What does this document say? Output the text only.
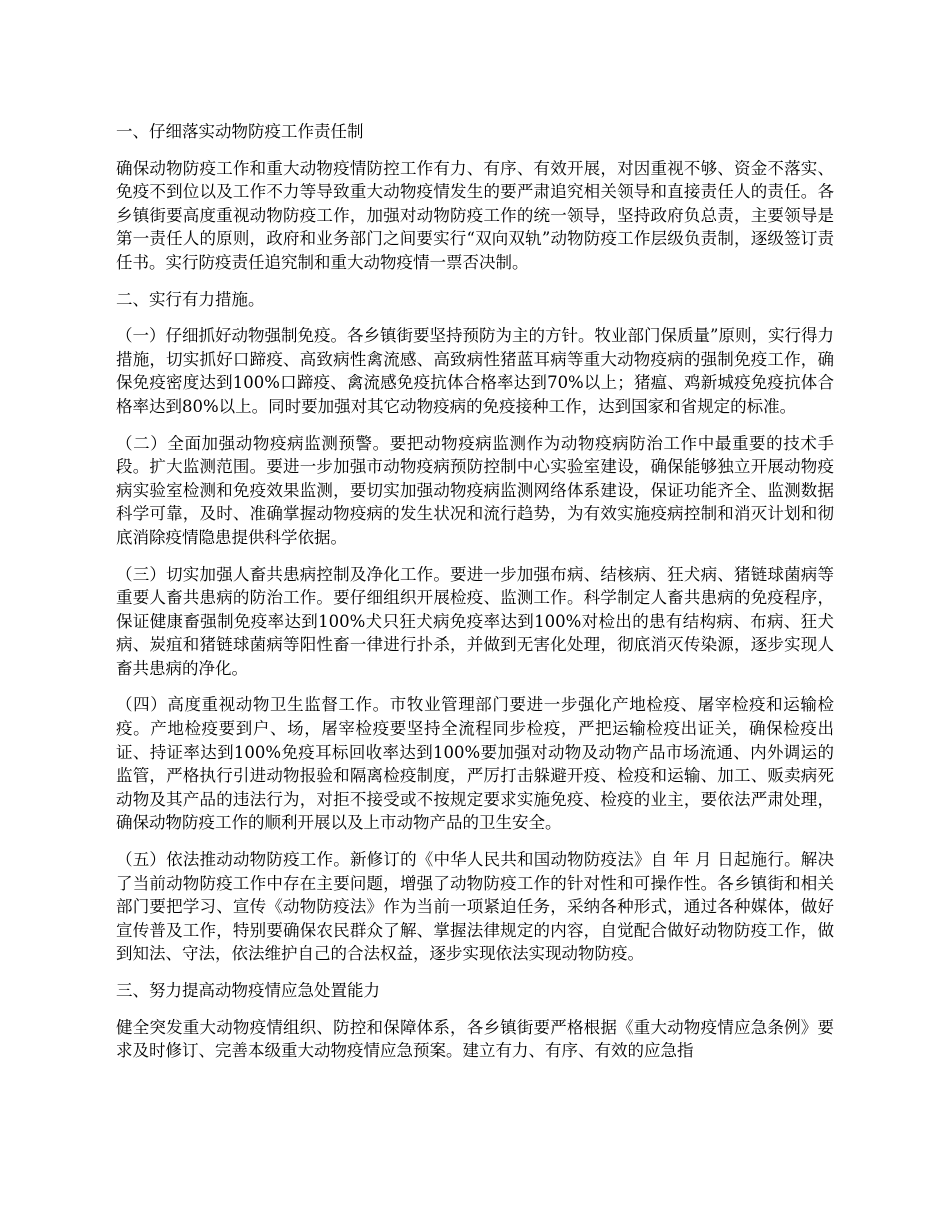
一、仔细落实动物防疫工作责任制

确保动物防疫工作和重大动物疫情防控工作有力、有序、有效开展，对因重视不够、资金不落实、免疫不到位以及工作不力等导致重大动物疫情发生的要严肃追究相关领导和直接责任人的责任。各乡镇街要高度重视动物防疫工作，加强对动物防疫工作的统一领导，坚持政府负总责，主要领导是第一责任人的原则，政府和业务部门之间要实行“双向双轨”动物防疫工作层级负责制，逐级签订责任书。实行防疫责任追究制和重大动物疫情一票否决制。

二、实行有力措施。

（一）仔细抓好动物强制免疫。各乡镇街要坚持预防为主的方针。牧业部门保质量”原则，实行得力措施，切实抓好口蹄疫、高致病性禽流感、高致病性猪蓝耳病等重大动物疫病的强制免疫工作，确保免疫密度达到100%口蹄疫、禽流感免疫抗体合格率达到70%以上；猪瘟、鸡新城疫免疫抗体合格率达到80%以上。同时要加强对其它动物疫病的免疫接种工作，达到国家和省规定的标准。

（二）全面加强动物疫病监测预警。要把动物疫病监测作为动物疫病防治工作中最重要的技术手段。扩大监测范围。要进一步加强市动物疫病预防控制中心实验室建设，确保能够独立开展动物疫病实验室检测和免疫效果监测，要切实加强动物疫病监测网络体系建设，保证功能齐全、监测数据科学可靠，及时、准确掌握动物疫病的发生状况和流行趋势，为有效实施疫病控制和消灭计划和彻底消除疫情隐患提供科学依据。

（三）切实加强人畜共患病控制及净化工作。要进一步加强布病、结核病、狂犬病、猪链球菌病等重要人畜共患病的防治工作。要仔细组织开展检疫、监测工作。科学制定人畜共患病的免疫程序，保证健康畜强制免疫率达到100%犬只狂犬病免疫率达到100%对检出的患有结构病、布病、狂犬病、炭疽和猪链球菌病等阳性畜一律进行扑杀，并做到无害化处理，彻底消灭传染源，逐步实现人畜共患病的净化。

（四）高度重视动物卫生监督工作。市牧业管理部门要进一步强化产地检疫、屠宰检疫和运输检疫。产地检疫要到户、场，屠宰检疫要坚持全流程同步检疫，严把运输检疫出证关，确保检疫出证、持证率达到100%免疫耳标回收率达到100%要加强对动物及动物产品市场流通、内外调运的监管，严格执行引进动物报验和隔离检疫制度，严厉打击躲避开疫、检疫和运输、加工、贩卖病死动物及其产品的违法行为，对拒不接受或不按规定要求实施免疫、检疫的业主，要依法严肃处理，确保动物防疫工作的顺利开展以及上市动物产品的卫生安全。

（五）依法推动动物防疫工作。新修订的《中华人民共和国动物防疫法》自 年 月 日起施行。解决了当前动物防疫工作中存在主要问题，增强了动物防疫工作的针对性和可操作性。各乡镇街和相关部门要把学习、宣传《动物防疫法》作为当前一项紧迫任务，采纳各种形式，通过各种媒体，做好宣传普及工作，特别要确保农民群众了解、掌握法律规定的内容，自觉配合做好动物防疫工作，做到知法、守法，依法维护自己的合法权益，逐步实现依法实现动物防疫。

三、努力提高动物疫情应急处置能力

健全突发重大动物疫情组织、防控和保障体系，各乡镇街要严格根据《重大动物疫情应急条例》要求及时修订、完善本级重大动物疫情应急预案。建立有力、有序、有效的应急指
